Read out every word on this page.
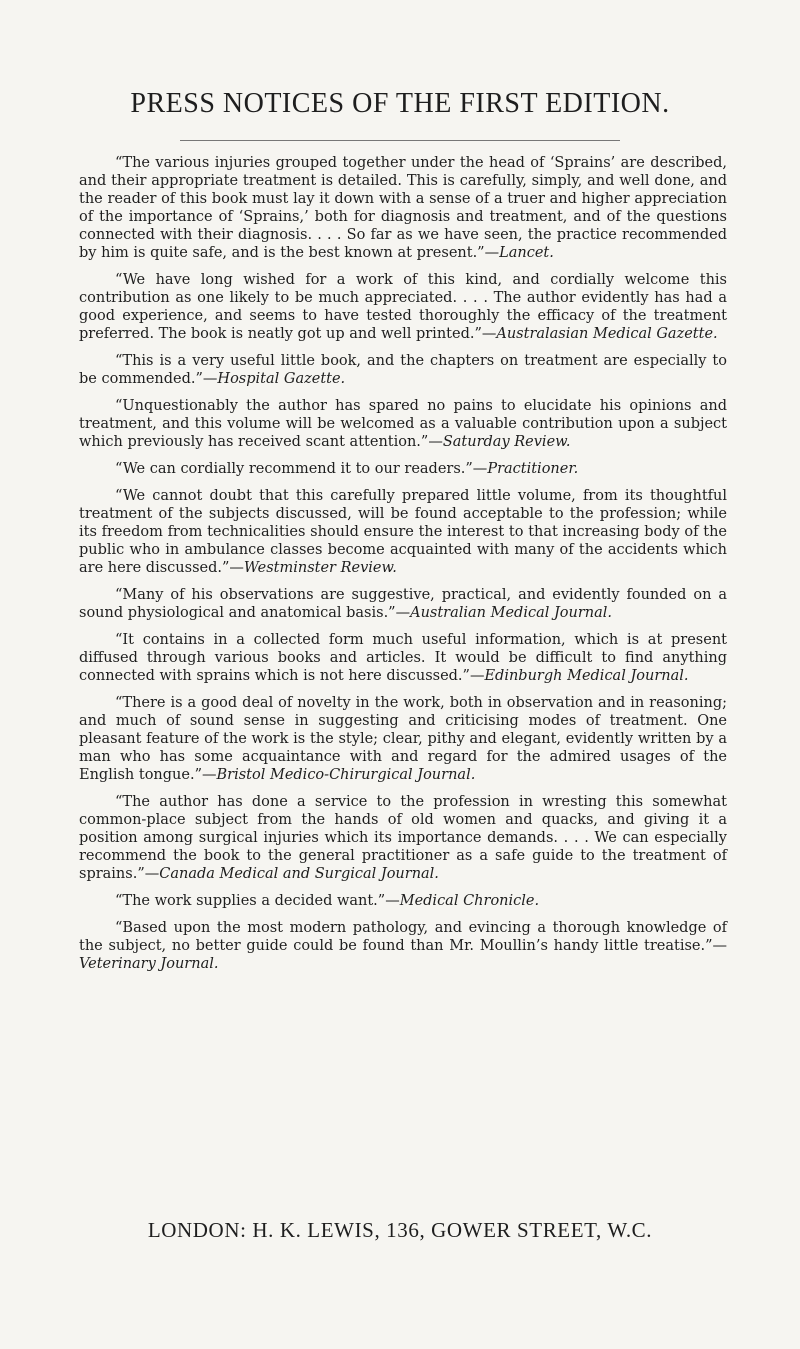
PRESS NOTICES OF THE FIRST EDITION.

“The various injuries grouped together under the head of ‘Sprains’ are described, and their appropriate treatment is detailed. This is carefully, simply, and well done, and the reader of this book must lay it down with a sense of a truer and higher appreciation of the importance of ‘Sprains,’ both for diagnosis and treatment, and of the questions connected with their diagnosis. . . . So far as we have seen, the practice recommended by him is quite safe, and is the best known at present.”—Lancet.

“We have long wished for a work of this kind, and cordially welcome this contribution as one likely to be much appreciated. . . . The author evidently has had a good experience, and seems to have tested thoroughly the efficacy of the treatment preferred. The book is neatly got up and well printed.”—Australasian Medical Gazette.

“This is a very useful little book, and the chapters on treatment are especially to be commended.”—Hospital Gazette.

“Unquestionably the author has spared no pains to elucidate his opinions and treatment, and this volume will be welcomed as a valuable contribution upon a subject which previously has received scant attention.”—Saturday Review.

“We can cordially recommend it to our readers.”—Practitioner.

“We cannot doubt that this carefully prepared little volume, from its thoughtful treatment of the subjects discussed, will be found acceptable to the profession; while its freedom from technicalities should ensure the interest to that increasing body of the public who in ambulance classes become acquainted with many of the accidents which are here discussed.”—Westminster Review.

“Many of his observations are suggestive, practical, and evidently founded on a sound physiological and anatomical basis.”—Australian Medical Journal.

“It contains in a collected form much useful information, which is at present diffused through various books and articles. It would be difficult to find anything connected with sprains which is not here discussed.”—Edinburgh Medical Journal.

“There is a good deal of novelty in the work, both in observation and in reasoning; and much of sound sense in suggesting and criticising modes of treatment. One pleasant feature of the work is the style; clear, pithy and elegant, evidently written by a man who has some acquaintance with and regard for the admired usages of the English tongue.”—Bristol Medico-Chirurgical Journal.

“The author has done a service to the profession in wresting this somewhat common-place subject from the hands of old women and quacks, and giving it a position among surgical injuries which its importance demands. . . . We can especially recommend the book to the general practitioner as a safe guide to the treatment of sprains.”—Canada Medical and Surgical Journal.

“The work supplies a decided want.”—Medical Chronicle.

“Based upon the most modern pathology, and evincing a thorough knowledge of the subject, no better guide could be found than Mr. Moullin’s handy little treatise.”—Veterinary Journal.

LONDON: H. K. LEWIS, 136, GOWER STREET, W.C.
